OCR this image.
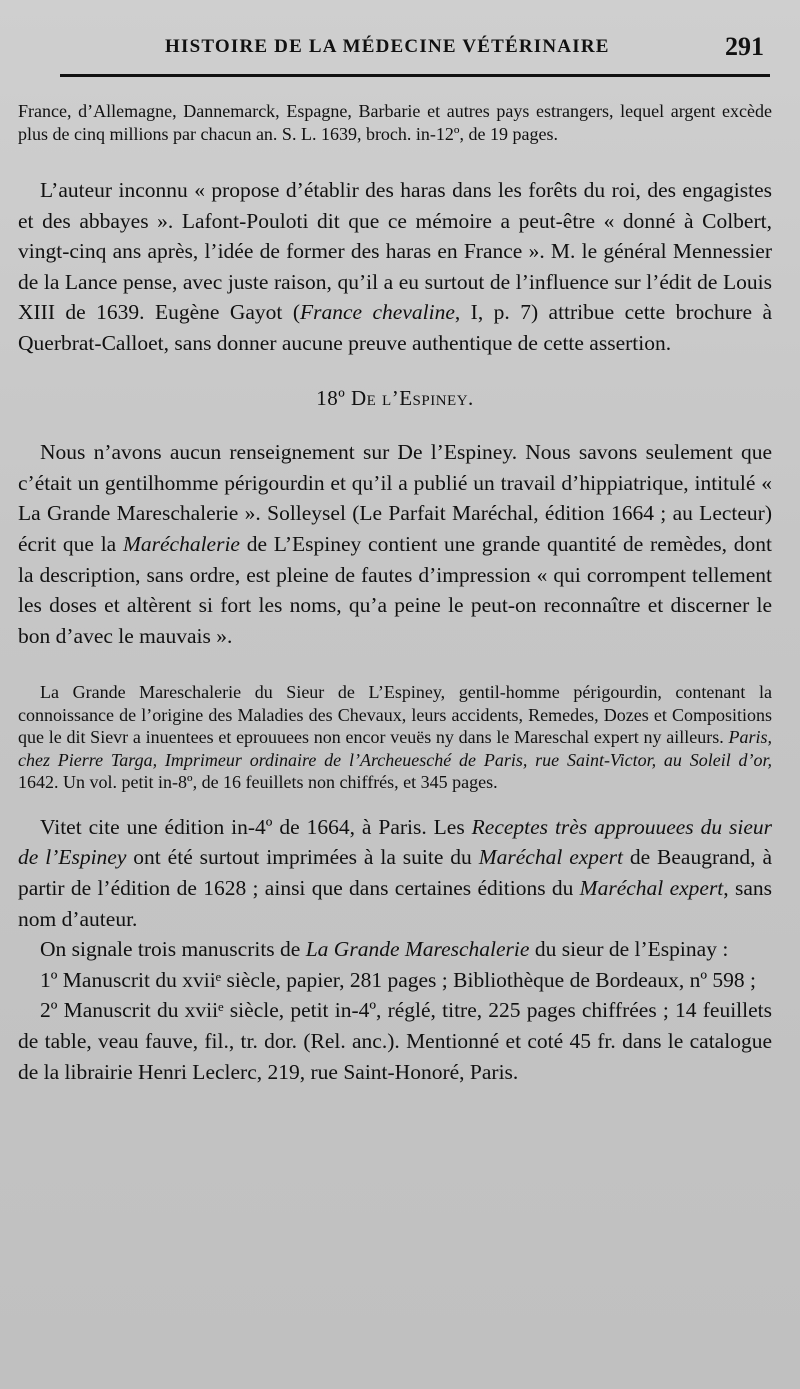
HISTOIRE DE LA MÉDECINE VÉTÉRINAIRE	291

France, d’Allemagne, Dannemarck, Espagne, Barbarie et autres pays estrangers, lequel argent excède plus de cinq millions par chacun an. S. L. 1639, broch. in-12º, de 19 pages.

L’auteur inconnu « propose d’établir des haras dans les forêts du roi, des engagistes et des abbayes ». Lafont-Pouloti dit que ce mémoire a peut-être « donné à Colbert, vingt-cinq ans après, l’idée de former des haras en France ». M. le général Mennessier de la Lance pense, avec juste raison, qu’il a eu surtout de l’influence sur l’édit de Louis XIII de 1639. Eugène Gayot (France chevaline, I, p. 7) attribue cette brochure à Querbrat-Calloet, sans donner aucune preuve authentique de cette assertion.

18º De l’Espiney.

Nous n’avons aucun renseignement sur De l’Espiney. Nous savons seulement que c’était un gentilhomme périgourdin et qu’il a publié un travail d’hippiatrique, intitulé « La Grande Mareschalerie ». Solleysel (Le Parfait Maréchal, édition 1664 ; au Lecteur) écrit que la Maréchalerie de L’Espiney contient une grande quantité de remèdes, dont la description, sans ordre, est pleine de fautes d’impression « qui corrompent tellement les doses et altèrent si fort les noms, qu’a peine le peut-on reconnaître et discerner le bon d’avec le mauvais ».

La Grande Mareschalerie du Sieur de L’Espiney, gentil-homme périgourdin, contenant la connoissance de l’origine des Maladies des Chevaux, leurs accidents, Remedes, Dozes et Compositions que le dit Sievr a inuentees et eprouuees non encor veuës ny dans le Mareschal expert ny ailleurs. Paris, chez Pierre Targa, Imprimeur ordinaire de l’Archeuesché de Paris, rue Saint-Victor, au Soleil d’or, 1642. Un vol. petit in-8º, de 16 feuillets non chiffrés, et 345 pages.

Vitet cite une édition in-4º de 1664, à Paris. Les Receptes très approuuees du sieur de l’Espiney ont été surtout imprimées à la suite du Maréchal expert de Beaugrand, à partir de l’édition de 1628 ; ainsi que dans certaines éditions du Maréchal expert, sans nom d’auteur.

On signale trois manuscrits de La Grande Mareschalerie du sieur de l’Espinay :

1º Manuscrit du xviiᵉ siècle, papier, 281 pages ; Bibliothèque de Bordeaux, nº 598 ;

2º Manuscrit du xviiᵉ siècle, petit in-4º, réglé, titre, 225 pages chiffrées ; 14 feuillets de table, veau fauve, fil., tr. dor. (Rel. anc.). Mentionné et coté 45 fr. dans le catalogue de la librairie Henri Leclerc, 219, rue Saint-Honoré, Paris.
